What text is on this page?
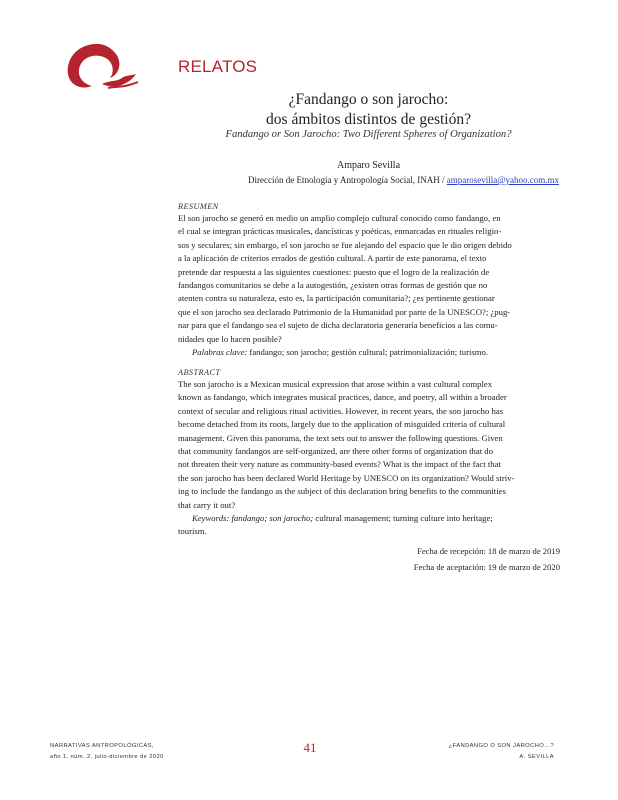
RELATOS
¿Fandango o son jarocho:
dos ámbitos distintos de gestión?
Fandango or Son Jarocho: Two Different Spheres of Organization?
Amparo Sevilla
Dirección de Etnología y Antropología Social, INAH / amparosevilla@yahoo.com.mx
RESUMEN
El son jarocho se generó en medio un amplio complejo cultural conocido como fandango, en
el cual se integran prácticas musicales, dancísticas y poéticas, enmarcadas en rituales religio-
sos y seculares; sin embargo, el son jarocho se fue alejando del espacio que le dio origen debido
a la aplicación de criterios errados de gestión cultural. A partir de este panorama, el texto
pretende dar respuesta a las siguientes cuestiones: puesto que el logro de la realización de
fandangos comunitarios se debe a la autogestión, ¿existen otras formas de gestión que no
atenten contra su naturaleza, esto es, la participación comunitaria?; ¿es pertinente gestionar
que el son jarocho sea declarado Patrimonio de la Humanidad por parte de la UNESCO?; ¿pug-
nar para que el fandango sea el sujeto de dicha declaratoria generaría beneficios a las comu-
nidades que lo hacen posible?
Palabras clave: fandango; son jarocho; gestión cultural; patrimonialización; turismo.
ABSTRACT
The son jarocho is a Mexican musical expression that arose within a vast cultural complex
known as fandango, which integrates musical practices, dance, and poetry, all within a broader
context of secular and religious ritual activities. However, in recent years, the son jarocho has
become detached from its roots, largely due to the application of misguided criteria of cultural
management. Given this panorama, the text sets out to answer the following questions. Given
that community fandangos are self-organized, are there other forms of organization that do
not threaten their very nature as community-based events? What is the impact of the fact that
the son jarocho has been declared World Heritage by UNESCO on its organization? Would striv-
ing to include the fandango as the subject of this declaration bring benefits to the communities
that carry it out?
Keywords: fandango; son jarocho; cultural management; turning culture into heritage;
tourism.
Fecha de recepción: 18 de marzo de 2019
Fecha de aceptación: 19 de marzo de 2020
NARRATIVAS ANTROPOLÓGICAS,
año 1, núm. 2, julio-diciembre de 2020
41	¿FANDANGO O SON JAROCHO…?
A. SEVILLA
